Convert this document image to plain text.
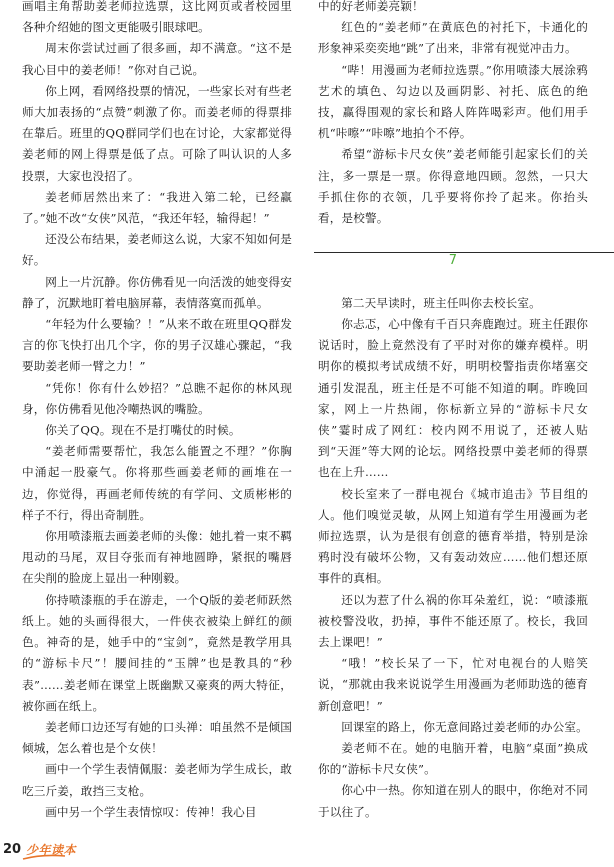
画唱主角帮助姜老师拉选票，这比网页或者校园里各种介绍她的图文更能吸引眼球吧。

周末你尝试过画了很多画，却不满意。“这不是我心目中的姜老师！”你对自己说。

你上网，看网络投票的情况，一些家长对有些老师大加表扬的“点赞”刺激了你。而姜老师的得票排在靠后。班里的QQ群同学们也在讨论，大家都觉得姜老师的网上得票是低了点。可除了叫认识的人多投票，大家也没招了。

姜老师居然出来了：“我进入第二轮，已经赢了。”她不改“女侠”风范，“我还年轻，输得起！”

还没公布结果，姜老师这么说，大家不知如何是好。

网上一片沉静。你仿佛看见一向活泼的她变得安静了，沉默地盯着电脑屏幕，表情落寞而孤单。

“年轻为什么要输？！”从来不敢在班里QQ群发言的你飞快打出几个字，你的男子汉雄心骤起，“我要助姜老师一臂之力！”

“凭你！你有什么妙招？”总瞧不起你的林风现身，你仿佛看见他冷嘲热讽的嘴脸。

你关了QQ。现在不是打嘴仗的时候。

“姜老师需要帮忙，我怎么能置之不理？”你胸中涌起一股豪气。你将那些画姜老师的画堆在一边，你觉得，再画老师传统的有学问、文质彬彬的样子不行，得出奇制胜。

你用喷漆瓶去画姜老师的头像：她扎着一束不羁甩动的马尾，双目夺张而有神地圆睁，紧抿的嘴唇在尖削的脸庞上显出一种刚毅。

你持喷漆瓶的手在游走，一个Q版的姜老师跃然纸上。她的头画得很大，一件侠衣被染上鲜红的颜色。神奇的是，她手中的“宝剑”，竟然是教学用具的“游标卡尺”！腰间挂的“玉牌”也是教具的“秒表”……姜老师在课堂上既幽默又豪爽的两大特征，被你画在纸上。

姜老师口边还写有她的口头禅：咱虽然不是倾国倾城，怎么着也是个女侠！

画中一个学生表情佩服：姜老师为学生成长，敢吃三斤姜，敢挡三支枪。

画中另一个学生表情惊叹：传神！我心目

中的好老师姜亮颖！

红色的“姜老师”在黄底色的衬托下，卡通化的形象神采奕奕地“跳”了出来，非常有视觉冲击力。

“哔！用漫画为老师拉选票。”你用喷漆大展涂鸦艺术的填色、勾边以及画阴影、衬托、底色的绝技，赢得围观的家长和路人阵阵喝彩声。他们用手机“咔嚓”“咔嚓”地拍个不停。

希望“游标卡尺女侠”姜老师能引起家长们的关注，多一票是一票。你得意地四顾。忽然，一只大手抓住你的衣领，几乎要将你拎了起来。你抬头看，是校警。

7

第二天早读时，班主任叫你去校长室。

你忐忑，心中像有千百只奔鹿跑过。班主任跟你说话时，脸上竟然没有了平时对你的嫌弃模样。明明你的模拟考试成绩不好，明明校警指责你堵塞交通引发混乱，班主任是不可能不知道的啊。昨晚回家，网上一片热闹，你标新立异的“游标卡尺女侠”霎时成了网红：校内网不用说了，还被人贴到“天涯”等大网的论坛。网络投票中姜老师的得票也在上升……

校长室来了一群电视台《城市追击》节目组的人。他们嗅觉灵敏，从网上知道有学生用漫画为老师拉选票，认为是很有创意的德育举措，特别是涂鸦时没有破坏公物，又有轰动效应……他们想还原事件的真相。

还以为惹了什么祸的你耳朵羞红，说：“喷漆瓶被校警没收，扔掉，事件不能还原了。校长，我回去上课吧！”

“哦！”校长呆了一下，忙对电视台的人赔笑说，“那就由我来说说学生用漫画为老师助选的德育新创意吧！”

回课室的路上，你无意间路过姜老师的办公室。

姜老师不在。她的电脑开着，电脑“桌面”换成你的“游标卡尺女侠”。

你心中一热。你知道在别人的眼中，你绝对不同于以往了。

20 少年读本
